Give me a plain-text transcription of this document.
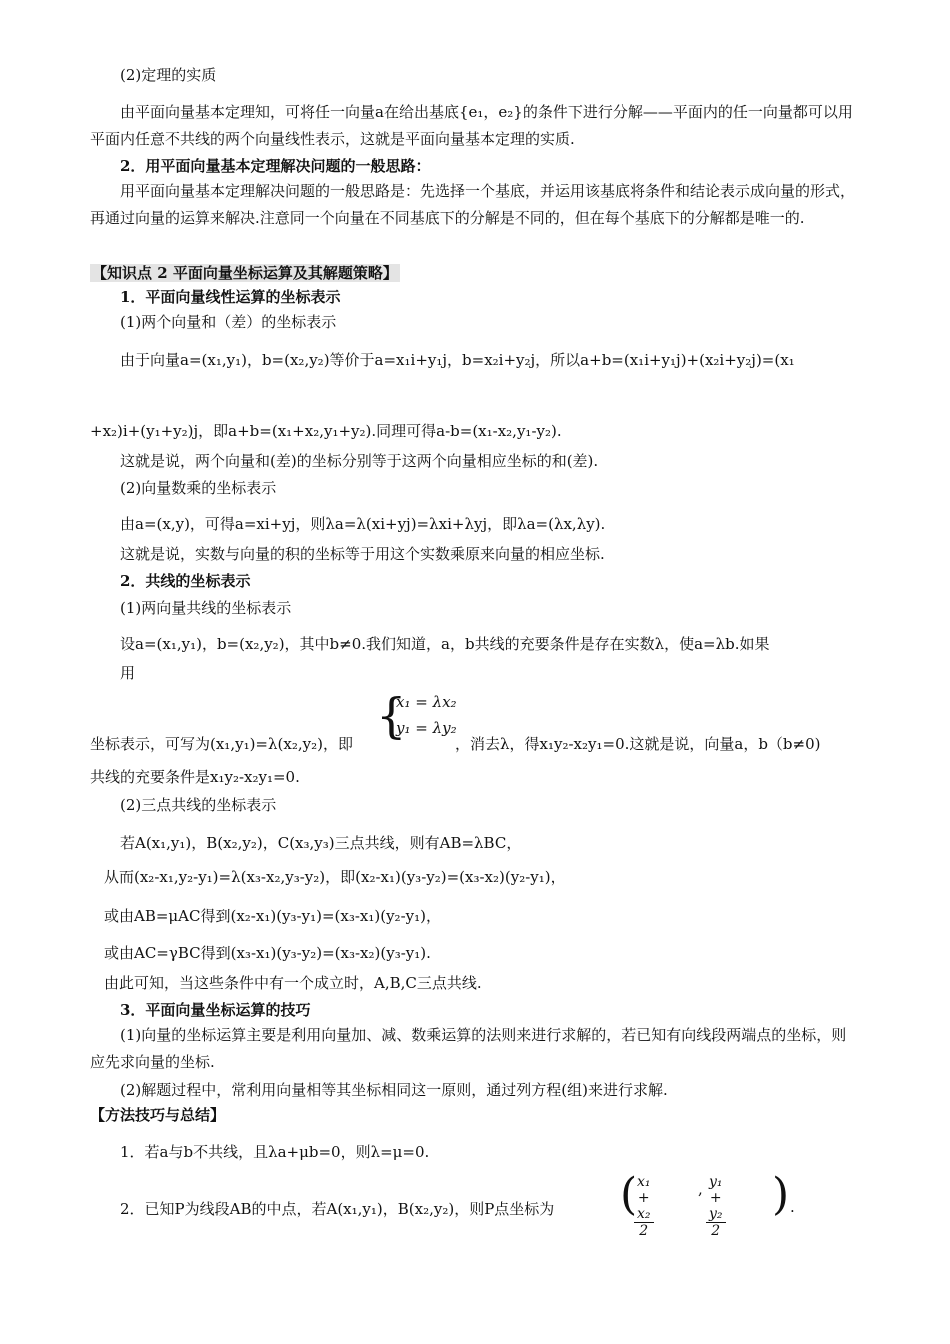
(2)定理的实质
由平面向量基本定理知，可将任一向量a在给出基底{e₁，e₂}的条件下进行分解——平面内的任一向量都可以用平面内任意不共线的两个向量线性表示，这就是平面向量基本定理的实质.
2．用平面向量基本定理解决问题的一般思路：
用平面向量基本定理解决问题的一般思路是：先选择一个基底，并运用该基底将条件和结论表示成向量的形式，再通过向量的运算来解决.注意同一个向量在不同基底下的分解是不同的，但在每个基底下的分解都是唯一的.
【知识点 2 平面向量坐标运算及其解题策略】
1．平面向量线性运算的坐标表示
(1)两个向量和（差）的坐标表示
由于向量a=(x₁,y₁)，b=(x₂,y₂)等价于a=x₁i+y₁j，b=x₂i+y₂j，所以a+b=(x₁i+y₁j)+(x₂i+y₂j)=(x₁
+x₂)i+(y₁+y₂)j，即a+b=(x₁+x₂,y₁+y₂).同理可得a-b=(x₁-x₂,y₁-y₂).
这就是说，两个向量和(差)的坐标分别等于这两个向量相应坐标的和(差).
(2)向量数乘的坐标表示
由a=(x,y)，可得a=xi+yj，则λa=λ(xi+yj)=λxi+λyj，即λa=(λx,λy).
这就是说，实数与向量的积的坐标等于用这个实数乘原来向量的相应坐标.
2．共线的坐标表示
(1)两向量共线的坐标表示
设a=(x₁,y₁)，b=(x₂,y₂)，其中b≠0.我们知道，a，b共线的充要条件是存在实数λ，使a=λb.如果
用
{
x₁ = λx₂
y₁ = λy₂
坐标表示，可写为(x₁,y₁)=λ(x₂,y₂)，即	，消去λ，得x₁y₂-x₂y₁=0.这就是说，向量a，b（b≠0)
共线的充要条件是x₁y₂-x₂y₁=0.
(2)三点共线的坐标表示
若A(x₁,y₁)，B(x₂,y₂)，C(x₃,y₃)三点共线，则有AB=λBC，
从而(x₂-x₁,y₂-y₁)=λ(x₃-x₂,y₃-y₂)，即(x₂-x₁)(y₃-y₂)=(x₃-x₂)(y₂-y₁)，
或由AB=μAC得到(x₂-x₁)(y₃-y₁)=(x₃-x₁)(y₂-y₁)，
或由AC=γBC得到(x₃-x₁)(y₃-y₂)=(x₃-x₂)(y₃-y₁).
由此可知，当这些条件中有一个成立时，A,B,C三点共线.
3．平面向量坐标运算的技巧
(1)向量的坐标运算主要是利用向量加、减、数乘运算的法则来进行求解的，若已知有向线段两端点的坐标，则应先求向量的坐标.
(2)解题过程中，常利用向量相等其坐标相同这一原则，通过列方程(组)来进行求解.
【方法技巧与总结】
1．若a与b不共线，且λa+μb=0，则λ=μ=0.
2．已知P为线段AB的中点，若A(x₁,y₁)，B(x₂,y₂)，则P点坐标为 (
$\frac{\text{x₁ + x₂}}{2}$	, $\frac{\text{y₁ + y₂}}{2}$ ) .
